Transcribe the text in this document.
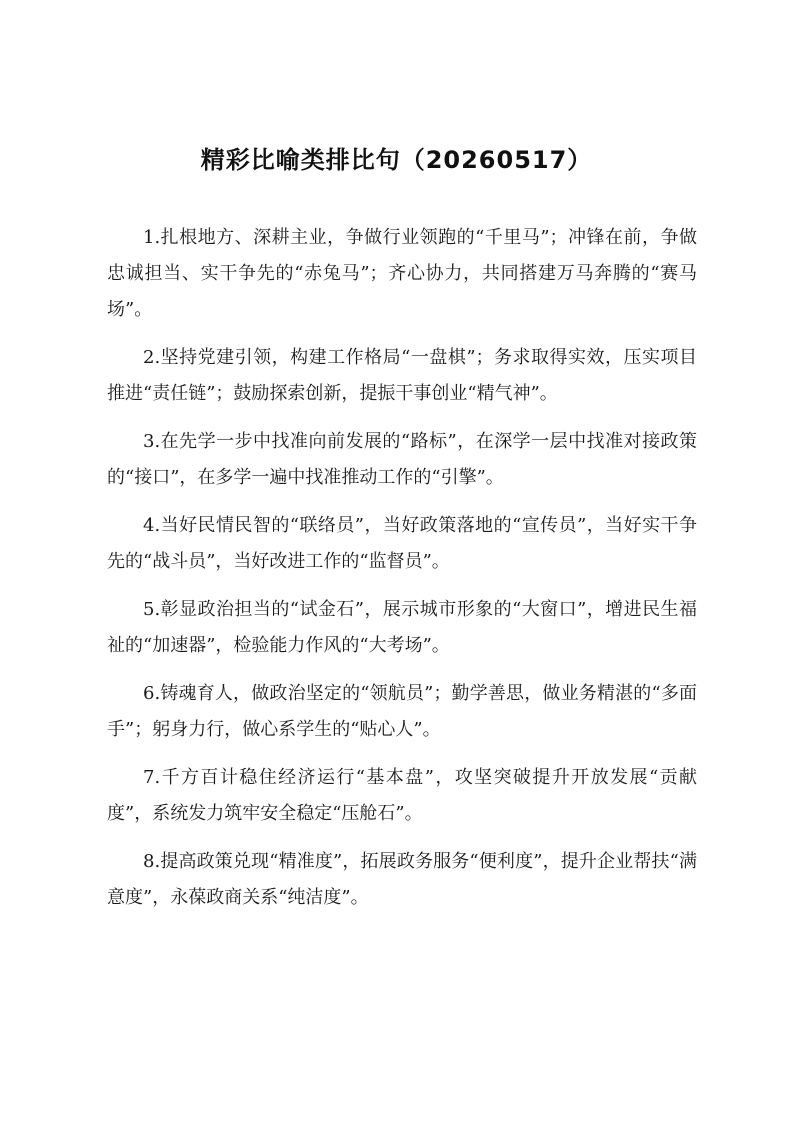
精彩比喻类排比句（20260517）

1.扎根地方、深耕主业，争做行业领跑的“千里马”；冲锋在前，争做忠诚担当、实干争先的“赤兔马”；齐心协力，共同搭建万马奔腾的“赛马场”。

2.坚持党建引领，构建工作格局“一盘棋”；务求取得实效，压实项目推进“责任链”；鼓励探索创新，提振干事创业“精气神”。

3.在先学一步中找准向前发展的“路标”，在深学一层中找准对接政策的“接口”，在多学一遍中找准推动工作的“引擎”。

4.当好民情民智的“联络员”，当好政策落地的“宣传员”，当好实干争先的“战斗员”，当好改进工作的“监督员”。

5.彰显政治担当的“试金石”，展示城市形象的“大窗口”，增进民生福祉的“加速器”，检验能力作风的“大考场”。

6.铸魂育人，做政治坚定的“领航员”；勤学善思，做业务精湛的“多面手”；躬身力行，做心系学生的“贴心人”。

7.千方百计稳住经济运行“基本盘”，攻坚突破提升开放发展“贡献度”，系统发力筑牢安全稳定“压舱石”。

8.提高政策兑现“精准度”，拓展政务服务“便利度”，提升企业帮扶“满意度”，永葆政商关系“纯洁度”。
